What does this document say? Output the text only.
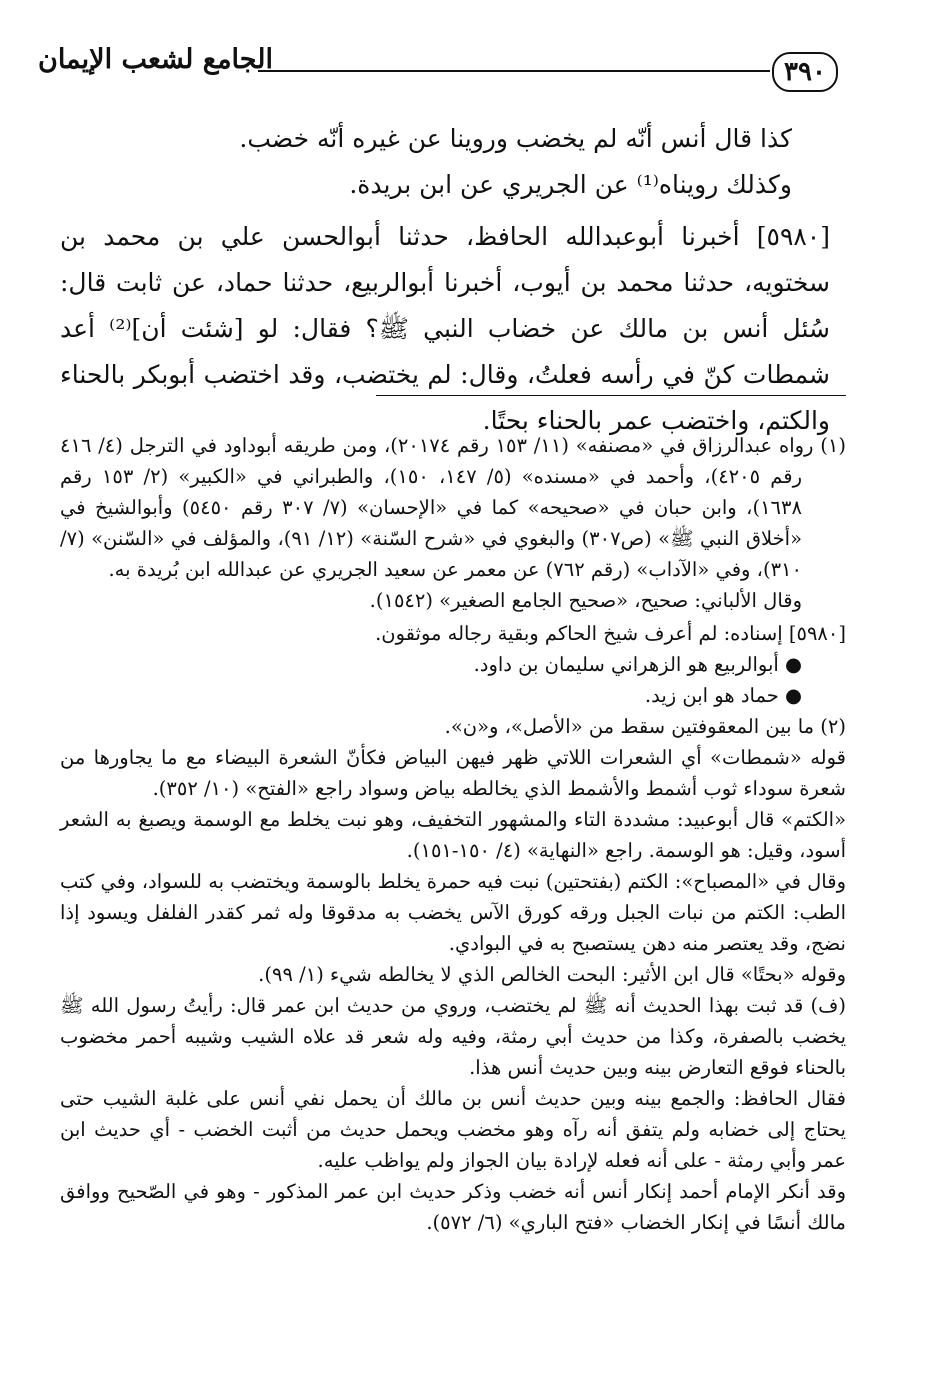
الجامع لشعب الإيمان	٣٩٠

كذا قال أنس أنّه لم يخضب وروينا عن غيره أنّه خضب.

وكذلك رويناه⁽¹⁾ عن الجريري عن ابن بريدة.

[٥٩٨٠] أخبرنا أبوعبدالله الحافظ، حدثنا أبوالحسن علي بن محمد بن سختويه، حدثنا محمد بن أيوب، أخبرنا أبوالربيع، حدثنا حماد، عن ثابت قال: سُئل أنس بن مالك عن خضاب النبي ﷺ؟ فقال: لو [شئت أن]⁽²⁾ أعد شمطات كنّ في رأسه فعلتُ، وقال: لم يختضب، وقد اختضب أبوبكر بالحناء والكتم، واختضب عمر بالحناء بحتًا.

(١) رواه عبدالرزاق في «مصنفه» (١١/ ١٥٣ رقم ٢٠١٧٤)، ومن طريقه أبوداود في الترجل (٤/ ٤١٦ رقم ٤٢٠٥)، وأحمد في «مسنده» (٥/ ١٤٧، ١٥٠)، والطبراني في «الكبير» (٢/ ١٥٣ رقم ١٦٣٨)، وابن حبان في «صحيحه» كما في «الإحسان» (٧/ ٣٠٧ رقم ٥٤٥٠) وأبوالشيخ في «أخلاق النبي ﷺ» (ص٣٠٧) والبغوي في «شرح السّنة» (١٢/ ٩١)، والمؤلف في «السّنن» (٧/ ٣١٠)، وفي «الآداب» (رقم ٧٦٢) عن معمر عن سعيد الجريري عن عبدالله ابن بُريدة به.

وقال الألباني: صحيح، «صحيح الجامع الصغير» (١٥٤٢).

[٥٩٨٠] إسناده: لم أعرف شيخ الحاكم وبقية رجاله موثقون.

● أبوالربيع هو الزهراني سليمان بن داود.

● حماد هو ابن زيد.

(٢) ما بين المعقوفتين سقط من «الأصل»، و«ن».

قوله «شمطات» أي الشعرات اللاتي ظهر فيهن البياض فكأنّ الشعرة البيضاء مع ما يجاورها من شعرة سوداء ثوب أشمط والأشمط الذي يخالطه بياض وسواد راجع «الفتح» (١٠/ ٣٥٢).

«الكتم» قال أبوعبيد: مشددة التاء والمشهور التخفيف، وهو نبت يخلط مع الوسمة ويصبغ به الشعر أسود، وقيل: هو الوسمة. راجع «النهاية» (٤/ ١٥٠-١٥١).

وقال في «المصباح»: الكتم (بفتحتين) نبت فيه حمرة يخلط بالوسمة ويختضب به للسواد، وفي كتب الطب: الكتم من نبات الجبل ورقه كورق الآس يخضب به مدقوقا وله ثمر كقدر الفلفل ويسود إذا نضج، وقد يعتصر منه دهن يستصبح به في البوادي.

وقوله «بحتًا» قال ابن الأثير: البحت الخالص الذي لا يخالطه شيء (١/ ٩٩).

(ف) قد ثبت بهذا الحديث أنه ﷺ لم يختضب، وروي من حديث ابن عمر قال: رأيتُ رسول الله ﷺ يخضب بالصفرة، وكذا من حديث أبي رمثة، وفيه وله شعر قد علاه الشيب وشيبه أحمر مخضوب بالحناء فوقع التعارض بينه وبين حديث أنس هذا.

فقال الحافظ: والجمع بينه وبين حديث أنس بن مالك أن يحمل نفي أنس على غلبة الشيب حتى يحتاج إلى خضابه ولم يتفق أنه رآه وهو مخضب ويحمل حديث من أثبت الخضب - أي حديث ابن عمر وأبي رمثة - على أنه فعله لإرادة بيان الجواز ولم يواظب عليه.

وقد أنكر الإمام أحمد إنكار أنس أنه خضب وذكر حديث ابن عمر المذكور - وهو في الصّحيح ووافق مالك أنسًا في إنكار الخضاب «فتح الباري» (٦/ ٥٧٢).
